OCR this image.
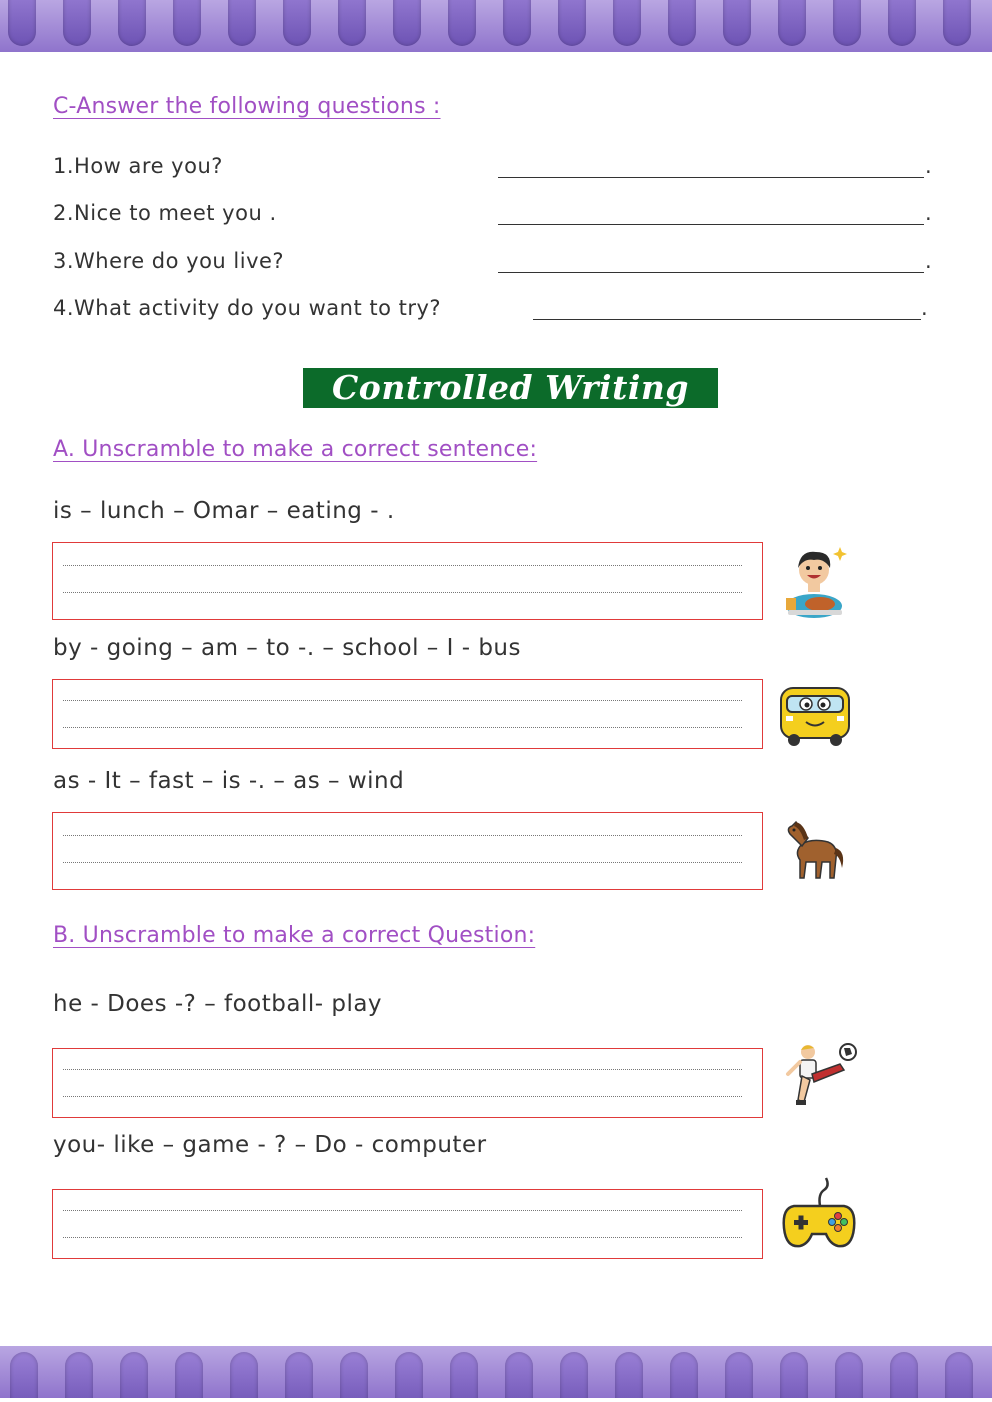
C-Answer the following questions :
1.How are you?	.
2.Nice to meet you .	.
3.Where do you live?	.
4.What activity do you want to try?	.
Controlled Writing
A. Unscramble to make a correct sentence:
is – lunch – Omar – eating - .
by - going – am – to -. – school – I - bus
as - It – fast – is -. – as – wind
B. Unscramble to make a correct Question:
he - Does -? – football- play
you- like – game - ? – Do - computer
